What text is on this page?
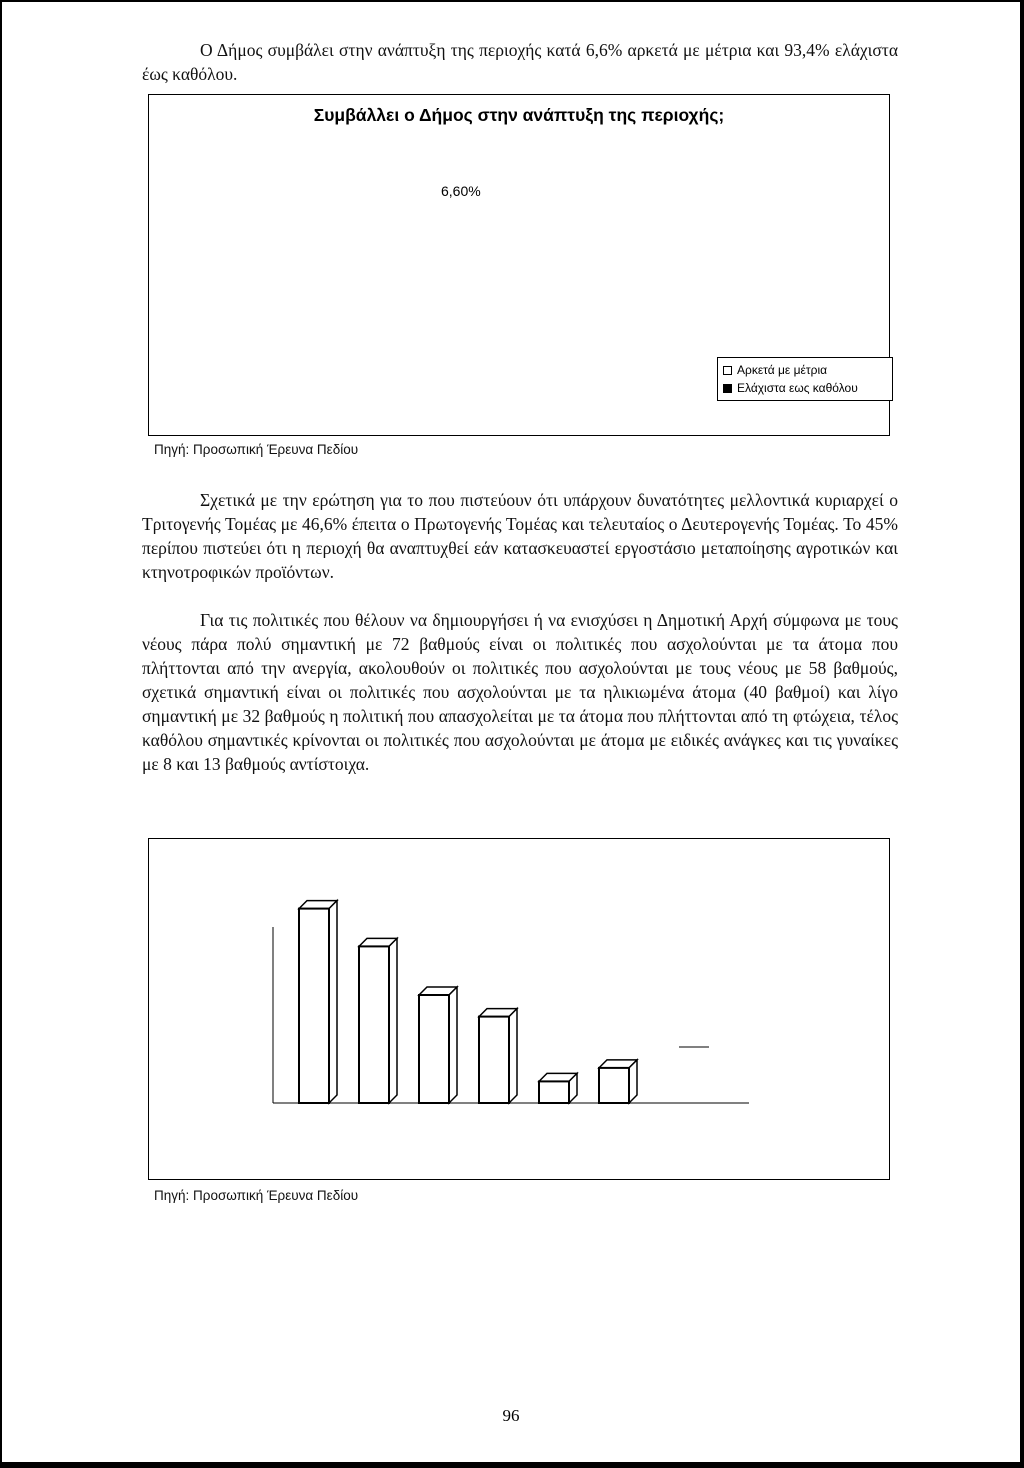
Ο Δήμος συμβάλει στην ανάπτυξη της περιοχής κατά 6,6% αρκετά με μέτρια και 93,4% ελάχιστα έως καθόλου.

Συμβάλλει ο Δήμος στην ανάπτυξη της περιοχής;
6,60%
Αρκετά με μέτρια
Ελάχιστα εως καθόλου
Πηγή: Προσωπική Έρευνα Πεδίου

Σχετικά με την ερώτηση για το που πιστεύουν ότι υπάρχουν δυνατότητες μελλοντικά κυριαρχεί ο Τριτογενής Τομέας με 46,6% έπειτα ο Πρωτογενής Τομέας και τελευταίος ο Δευτερογενής Τομέας. Το 45% περίπου πιστεύει ότι η περιοχή θα αναπτυχθεί εάν κατασκευαστεί εργοστάσιο μεταποίησης αγροτικών και κτηνοτροφικών προϊόντων.

Για τις πολιτικές που θέλουν να δημιουργήσει ή να ενισχύσει η Δημοτική Αρχή σύμφωνα με τους νέους πάρα πολύ σημαντική με 72 βαθμούς είναι οι πολιτικές που ασχολούνται με τα άτομα που πλήττονται από την ανεργία, ακολουθούν οι πολιτικές που ασχολούνται με τους νέους με 58 βαθμούς, σχετικά σημαντική είναι οι πολιτικές που ασχολούνται με τα ηλικιωμένα άτομα (40 βαθμοί) και λίγο σημαντική με 32 βαθμούς η πολιτική που απασχολείται με τα άτομα που πλήττονται από τη φτώχεια, τέλος καθόλου σημαντικές κρίνονται οι πολιτικές που ασχολούνται με άτομα με ειδικές ανάγκες και τις γυναίκες με 8 και 13 βαθμούς αντίστοιχα.

Πηγή: Προσωπική Έρευνα Πεδίου
96
